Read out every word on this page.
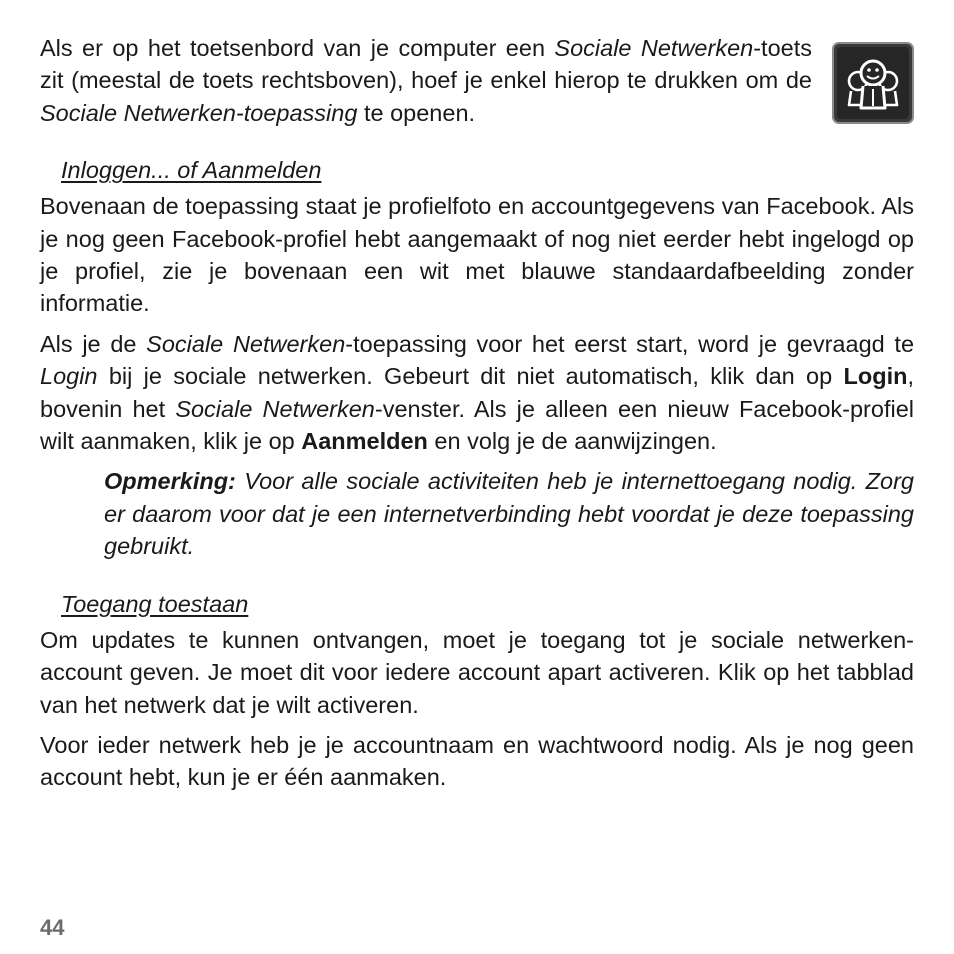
Als er op het toetsenbord van je computer een Sociale Netwerken-toets zit (meestal de toets rechtsboven), hoef je enkel hierop te drukken om de Sociale Netwerken-toepassing te openen.

Inloggen... of Aanmelden

Bovenaan de toepassing staat je profielfoto en accountgegevens van Facebook. Als je nog geen Facebook-profiel hebt aangemaakt of nog niet eerder hebt ingelogd op je profiel, zie je bovenaan een wit met blauwe standaardafbeelding zonder informatie.

Als je de Sociale Netwerken-toepassing voor het eerst start, word je gevraagd te Login bij je sociale netwerken. Gebeurt dit niet automatisch, klik dan op Login, bovenin het Sociale Netwerken-venster. Als je alleen een nieuw Facebook-profiel wilt aanmaken, klik je op Aanmelden en volg je de aanwijzingen.

Opmerking: Voor alle sociale activiteiten heb je internettoegang nodig. Zorg er daarom voor dat je een internetverbinding hebt voordat je deze toepassing gebruikt.

Toegang toestaan

Om updates te kunnen ontvangen, moet je toegang tot je sociale netwerken-account geven. Je moet dit voor iedere account apart activeren. Klik op het tabblad van het netwerk dat je wilt activeren.

Voor ieder netwerk heb je je accountnaam en wachtwoord nodig. Als je nog geen account hebt, kun je er één aanmaken.

44
